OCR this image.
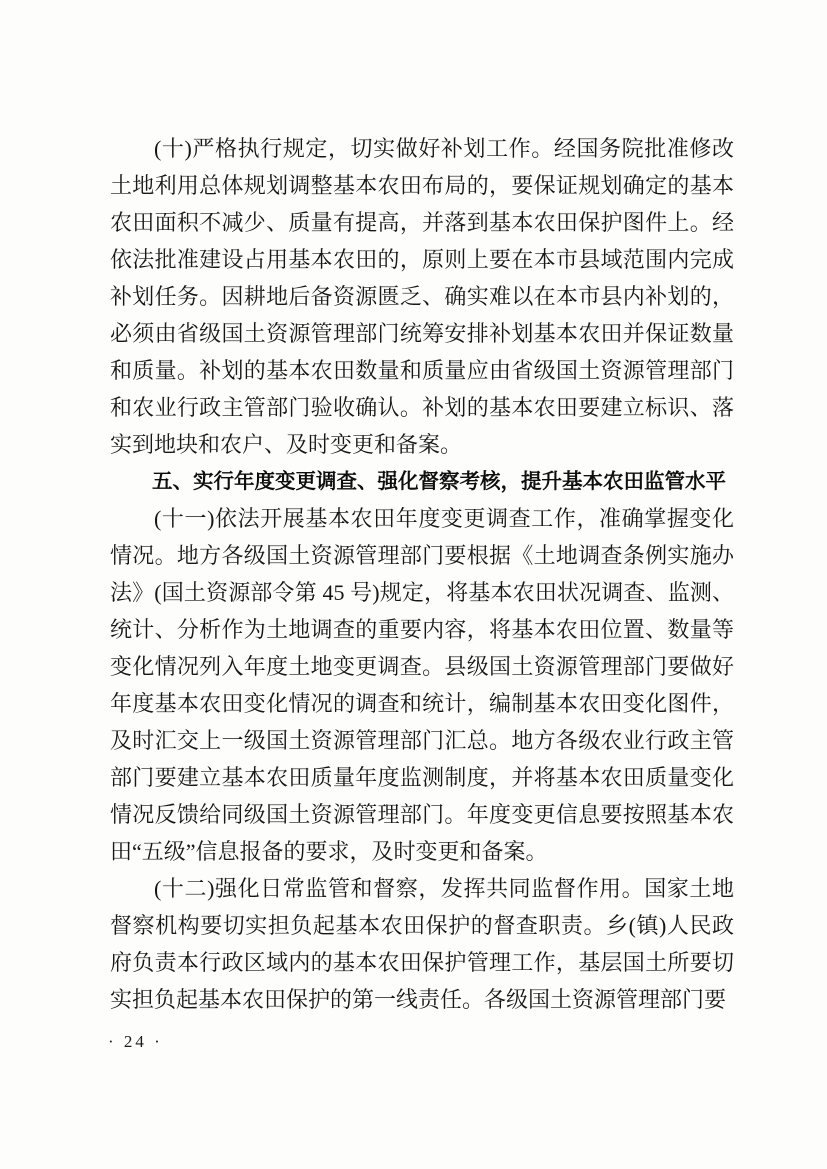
(十)严格执行规定，切实做好补划工作。经国务院批准修改土地利用总体规划调整基本农田布局的，要保证规划确定的基本农田面积不减少、质量有提高，并落到基本农田保护图件上。经依法批准建设占用基本农田的，原则上要在本市县域范围内完成补划任务。因耕地后备资源匮乏、确实难以在本市县内补划的，必须由省级国土资源管理部门统筹安排补划基本农田并保证数量和质量。补划的基本农田数量和质量应由省级国土资源管理部门和农业行政主管部门验收确认。补划的基本农田要建立标识、落实到地块和农户、及时变更和备案。

五、实行年度变更调查、强化督察考核，提升基本农田监管水平

(十一)依法开展基本农田年度变更调查工作，准确掌握变化情况。地方各级国土资源管理部门要根据《土地调查条例实施办法》(国土资源部令第 45 号)规定，将基本农田状况调查、监测、统计、分析作为土地调查的重要内容，将基本农田位置、数量等变化情况列入年度土地变更调查。县级国土资源管理部门要做好年度基本农田变化情况的调查和统计，编制基本农田变化图件，及时汇交上一级国土资源管理部门汇总。地方各级农业行政主管部门要建立基本农田质量年度监测制度，并将基本农田质量变化情况反馈给同级国土资源管理部门。年度变更信息要按照基本农田“五级”信息报备的要求，及时变更和备案。

(十二)强化日常监管和督察，发挥共同监督作用。国家土地督察机构要切实担负起基本农田保护的督查职责。乡(镇)人民政府负责本行政区域内的基本农田保护管理工作，基层国土所要切实担负起基本农田保护的第一线责任。各级国土资源管理部门要

· 24 ·
